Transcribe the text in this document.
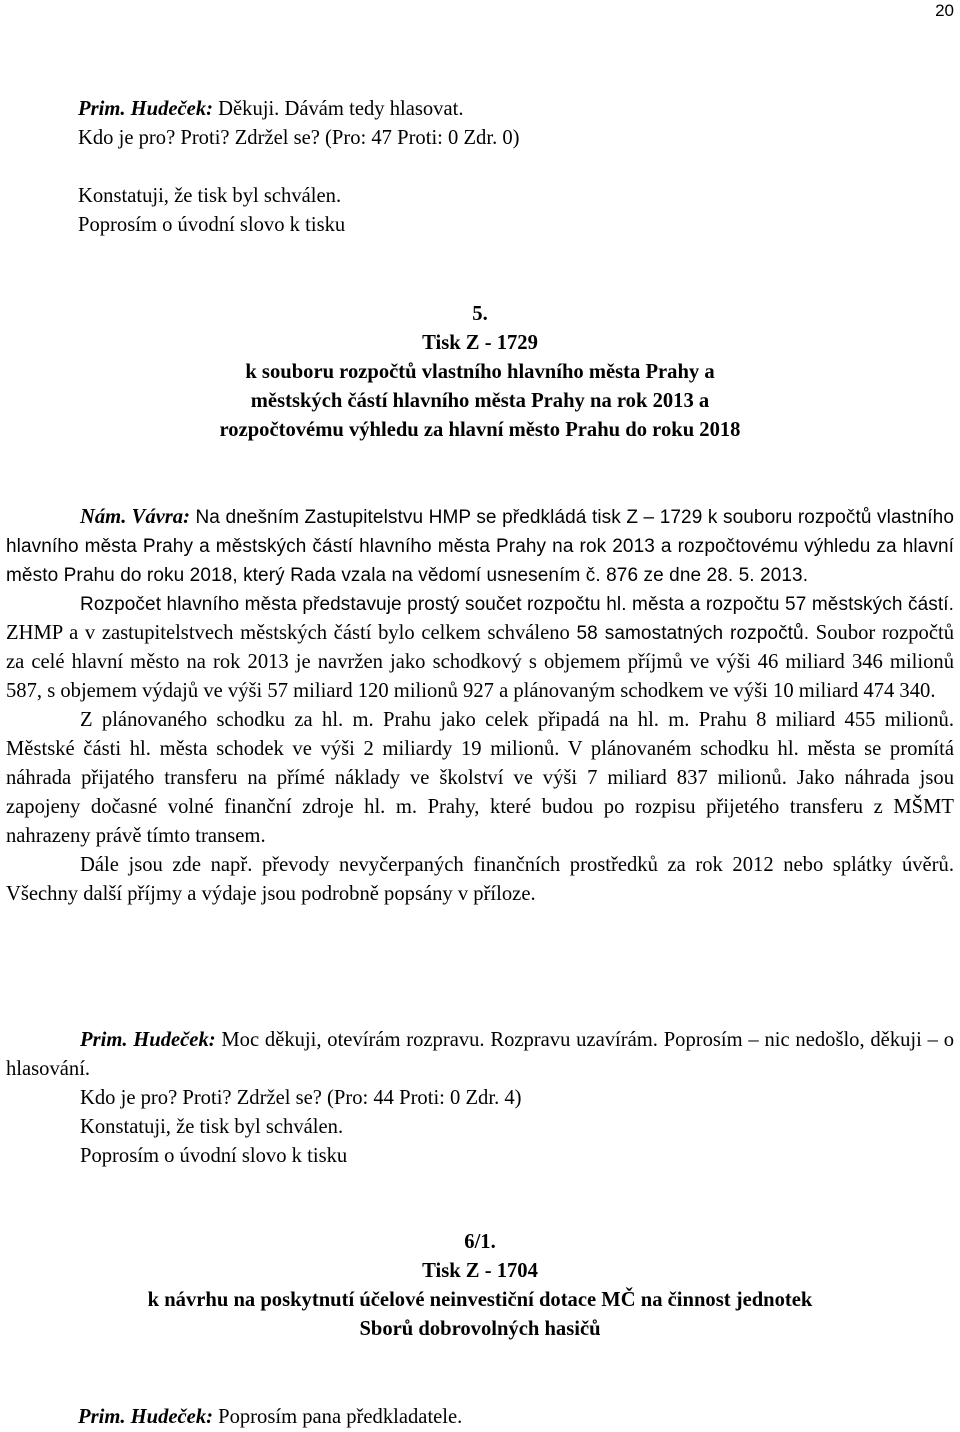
20
Prim. Hudeček: Děkuji. Dávám tedy hlasovat.
Kdo je pro? Proti? Zdržel se? (Pro: 47 Proti: 0 Zdr. 0)
Konstatuji, že tisk byl schválen.
Poprosím o úvodní slovo k tisku
5.
Tisk Z - 1729
k souboru rozpočtů vlastního hlavního města Prahy a
městských částí hlavního města Prahy na rok 2013 a
rozpočtovému výhledu za hlavní město Prahu do roku 2018

Nám. Vávra: Na dnešním Zastupitelstvu HMP se předkládá tisk Z – 1729 k souboru rozpočtů vlastního hlavního města Prahy a městských částí hlavního města Prahy na rok 2013 a rozpočtovému výhledu za hlavní město Prahu do roku 2018, který Rada vzala na vědomí usnesením č. 876 ze dne 28. 5. 2013.

Rozpočet hlavního města představuje prostý součet rozpočtu hl. města a rozpočtu 57 městských částí. ZHMP a v zastupitelstvech městských částí bylo celkem schváleno 58 samostatných rozpočtů. Soubor rozpočtů za celé hlavní město na rok 2013 je navržen jako schodkový s objemem příjmů ve výši 46 miliard 346 milionů 587, s objemem výdajů ve výši 57 miliard 120 milionů 927 a plánovaným schodkem ve výši 10 miliard 474 340.

Z plánovaného schodku za hl. m. Prahu jako celek připadá na hl. m. Prahu 8 miliard 455 milionů. Městské části hl. města schodek ve výši 2 miliardy 19 milionů. V plánovaném schodku hl. města se promítá náhrada přijatého transferu na přímé náklady ve školství ve výši 7 miliard 837 milionů. Jako náhrada jsou zapojeny dočasné volné finanční zdroje hl. m. Prahy, které budou po rozpisu přijetého transferu z MŠMT nahrazeny právě tímto transem.

Dále jsou zde např. převody nevyčerpaných finančních prostředků za rok 2012 nebo splátky úvěrů. Všechny další příjmy a výdaje jsou podrobně popsány v příloze.

Prim. Hudeček: Moc děkuji, otevírám rozpravu. Rozpravu uzavírám. Poprosím – nic nedošlo, děkuji – o hlasování.

Kdo je pro? Proti? Zdržel se? (Pro: 44 Proti: 0 Zdr. 4)

Konstatuji, že tisk byl schválen.

Poprosím o úvodní slovo k tisku

6/1.
Tisk Z - 1704
k návrhu na poskytnutí účelové neinvestiční dotace MČ na činnost jednotek
Sborů dobrovolných hasičů
Prim. Hudeček: Poprosím pana předkladatele.
